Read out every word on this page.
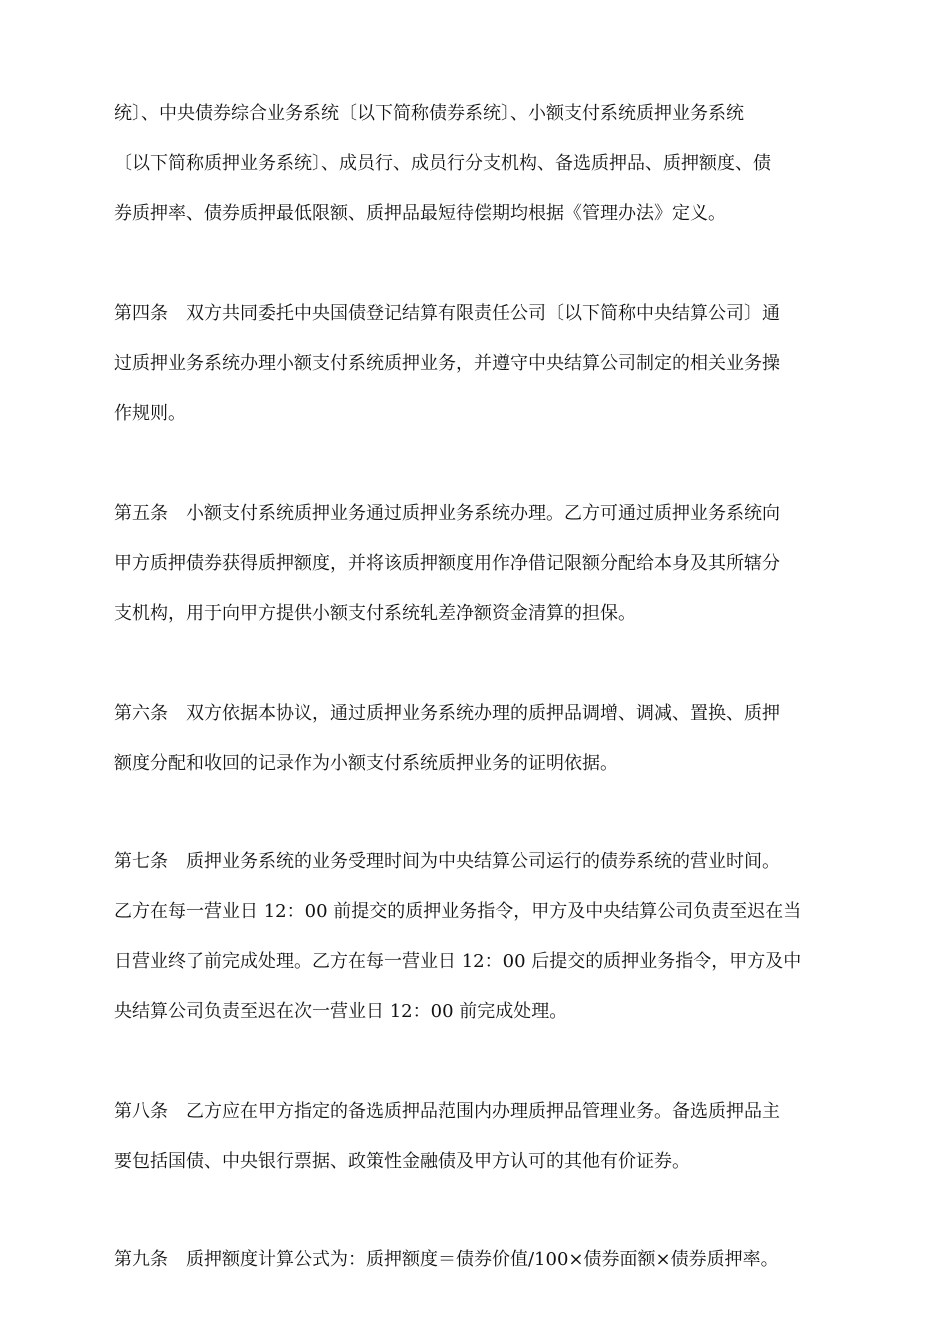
统〕、中央债券综合业务系统〔以下简称债券系统〕、小额支付系统质押业务系统
〔以下简称质押业务系统〕、成员行、成员行分支机构、备选质押品、质押额度、债
券质押率、债券质押最低限额、质押品最短待偿期均根据《管理办法》定义。
第四条　双方共同委托中央国债登记结算有限责任公司〔以下简称中央结算公司〕通
过质押业务系统办理小额支付系统质押业务，并遵守中央结算公司制定的相关业务操
作规则。
第五条　小额支付系统质押业务通过质押业务系统办理。乙方可通过质押业务系统向
甲方质押债券获得质押额度，并将该质押额度用作净借记限额分配给本身及其所辖分
支机构，用于向甲方提供小额支付系统轧差净额资金清算的担保。
第六条　双方依据本协议，通过质押业务系统办理的质押品调增、调减、置换、质押
额度分配和收回的记录作为小额支付系统质押业务的证明依据。
第七条　质押业务系统的业务受理时间为中央结算公司运行的债券系统的营业时间。
乙方在每一营业日 12：00 前提交的质押业务指令，甲方及中央结算公司负责至迟在当
日营业终了前完成处理。乙方在每一营业日 12：00 后提交的质押业务指令，甲方及中
央结算公司负责至迟在次一营业日 12：00 前完成处理。
第八条　乙方应在甲方指定的备选质押品范围内办理质押品管理业务。备选质押品主
要包括国债、中央银行票据、政策性金融债及甲方认可的其他有价证券。
第九条　质押额度计算公式为：质押额度＝债券价值/100×债券面额×债券质押率。
